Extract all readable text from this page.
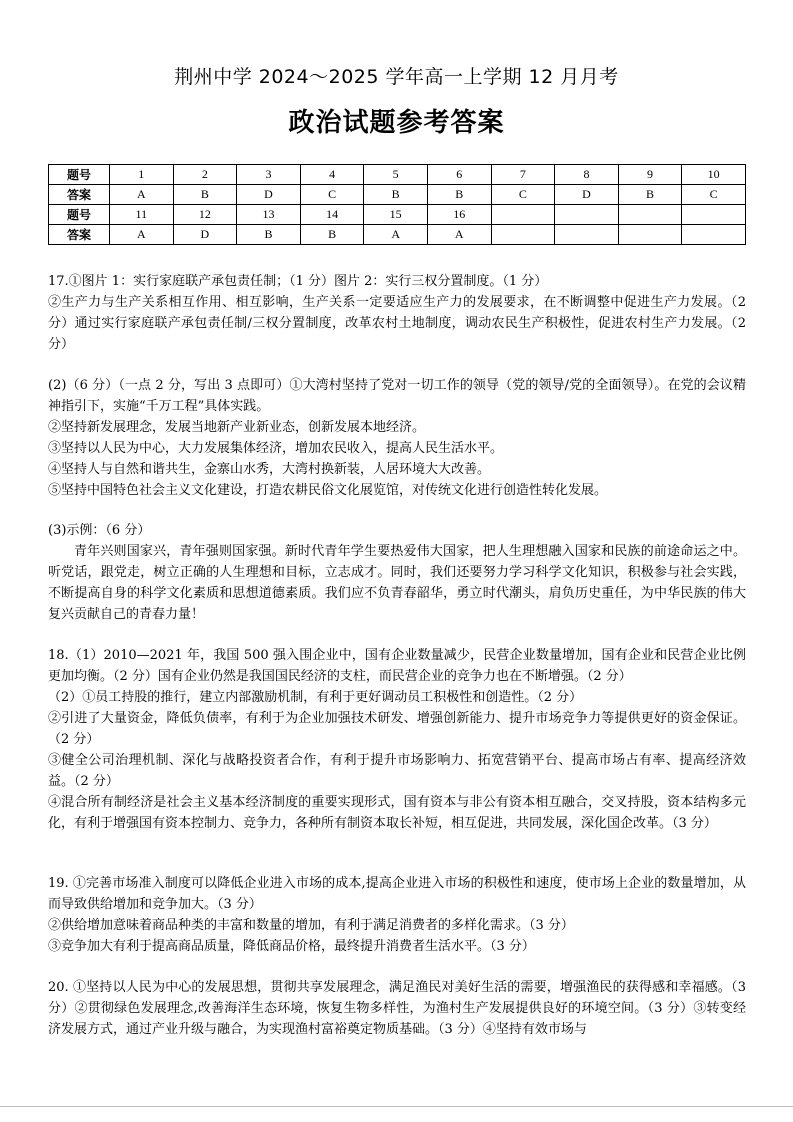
荆州中学 2024～2025 学年高一上学期 12 月月考
政治试题参考答案
题号	1	2	3	4	5	6	7	8	9	10
答案	A	B	D	C	B	B	C	D	B	C
题号	11	12	13	14	15	16				
答案	A	D	B	B	A	A				

17.①图片 1：实行家庭联产承包责任制；（1 分）图片 2：实行三权分置制度。（1 分）

②生产力与生产关系相互作用、相互影响，生产关系一定要适应生产力的发展要求，在不断调整中促进生产力发展。（2 分）通过实行家庭联产承包责任制/三权分置制度，改革农村土地制度，调动农民生产积极性，促进农村生产力发展。（2 分）

(2)（6 分）（一点 2 分，写出 3 点即可）①大湾村坚持了党对一切工作的领导（党的领导/党的全面领导）。在党的会议精神指引下，实施“千万工程”具体实践。

②坚持新发展理念，发展当地新产业新业态，创新发展本地经济。

③坚持以人民为中心，大力发展集体经济，增加农民收入，提高人民生活水平。

④坚持人与自然和谐共生，金寨山水秀，大湾村换新装，人居环境大大改善。

⑤坚持中国特色社会主义文化建设，打造农耕民俗文化展览馆，对传统文化进行创造性转化发展。

(3)示例：（6 分）

青年兴则国家兴，青年强则国家强。新时代青年学生要热爱伟大国家，把人生理想融入国家和民族的前途命运之中。听党话，跟党走，树立正确的人生理想和目标，立志成才。同时，我们还要努力学习科学文化知识，积极参与社会实践，不断提高自身的科学文化素质和思想道德素质。我们应不负青春韶华，勇立时代潮头，肩负历史重任，为中华民族的伟大复兴贡献自己的青春力量！

18.（1）2010—2021 年，我国 500 强入围企业中，国有企业数量减少，民营企业数量增加，国有企业和民营企业比例更加均衡。（2 分）国有企业仍然是我国国民经济的支柱，而民营企业的竞争力也在不断增强。（2 分）

（2）①员工持股的推行，建立内部激励机制，有利于更好调动员工积极性和创造性。（2 分）

②引进了大量资金，降低负债率，有利于为企业加强技术研发、增强创新能力、提升市场竞争力等提供更好的资金保证。（2 分）

③健全公司治理机制、深化与战略投资者合作，有利于提升市场影响力、拓宽营销平台、提高市场占有率、提高经济效益。（2 分）

④混合所有制经济是社会主义基本经济制度的重要实现形式，国有资本与非公有资本相互融合，交叉持股，资本结构多元化，有利于增强国有资本控制力、竞争力，各种所有制资本取长补短，相互促进，共同发展，深化国企改革。（3 分）

19. ①完善市场准入制度可以降低企业进入市场的成本,提高企业进入市场的积极性和速度，使市场上企业的数量增加，从而导致供给增加和竞争加大。（3 分）

②供给增加意味着商品种类的丰富和数量的增加，有利于满足消费者的多样化需求。（3 分）

③竞争加大有利于提高商品质量，降低商品价格，最终提升消费者生活水平。（3 分）

20. ①坚持以人民为中心的发展思想，贯彻共享发展理念，满足渔民对美好生活的需要，增强渔民的获得感和幸福感。（3 分）②贯彻绿色发展理念,改善海洋生态环境，恢复生物多样性，为渔村生产发展提供良好的环境空间。（3 分）③转变经济发展方式，通过产业升级与融合，为实现渔村富裕奠定物质基础。（3 分）④坚持有效市场与
